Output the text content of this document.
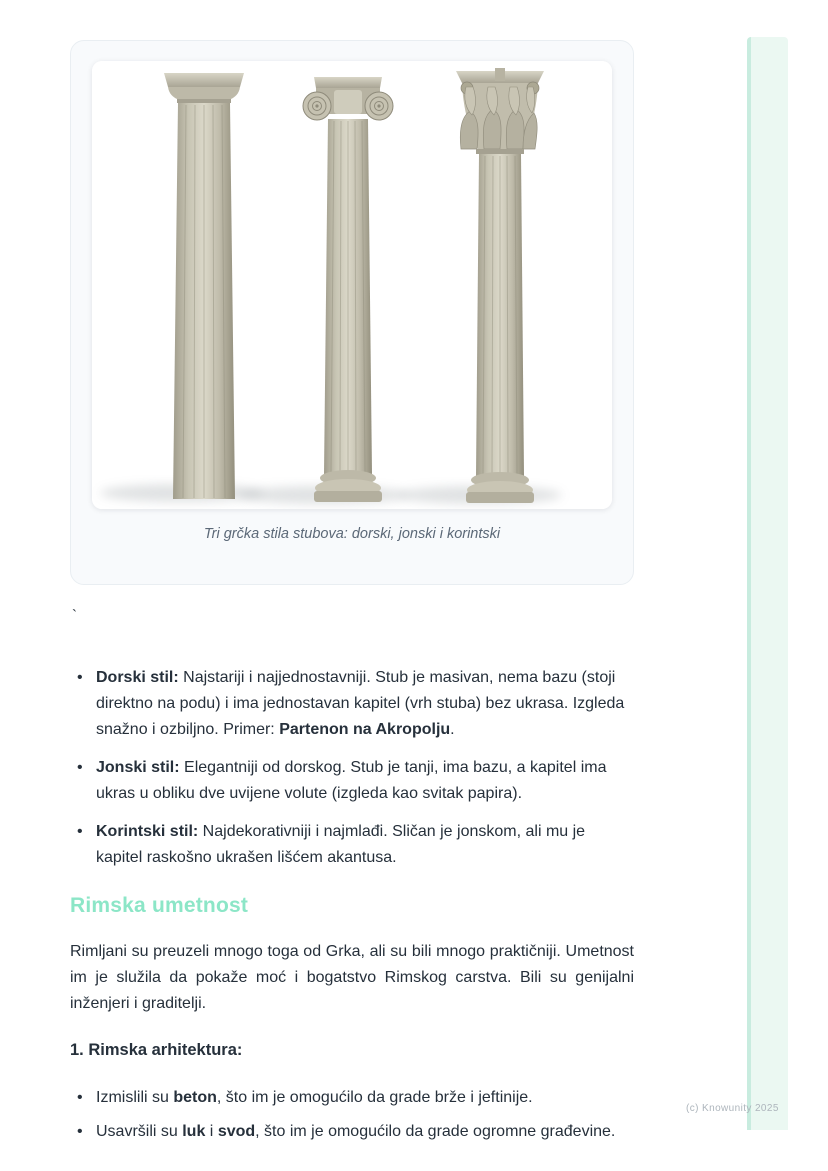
Tri grčka stila stubova: dorski, jonski i korintski
`
• Dorski stil: Najstariji i najjednostavniji. Stub je masivan, nema bazu (stoji direktno na podu) i ima jednostavan kapitel (vrh stuba) bez ukrasa. Izgleda snažno i ozbiljno. Primer: Partenon na Akropolju.
• Jonski stil: Elegantniji od dorskog. Stub je tanji, ima bazu, a kapitel ima ukras u obliku dve uvijene volute (izgleda kao svitak papira).
• Korintski stil: Najdekorativniji i najmlađi. Sličan je jonskom, ali mu je kapitel raskošno ukrašen lišćem akantusa.
Rimska umetnost

Rimljani su preuzeli mnogo toga od Grka, ali su bili mnogo praktičniji. Umetnost im je služila da pokaže moć i bogatstvo Rimskog carstva. Bili su genijalni inženjeri i graditelji.

1. Rimska arhitektura:

• Izmislili su beton, što im je omogućilo da grade brže i jeftinije.
• Usavršili su luk i svod, što im je omogućilo da grade ogromne građevine.
(c) Knowunity 2025
